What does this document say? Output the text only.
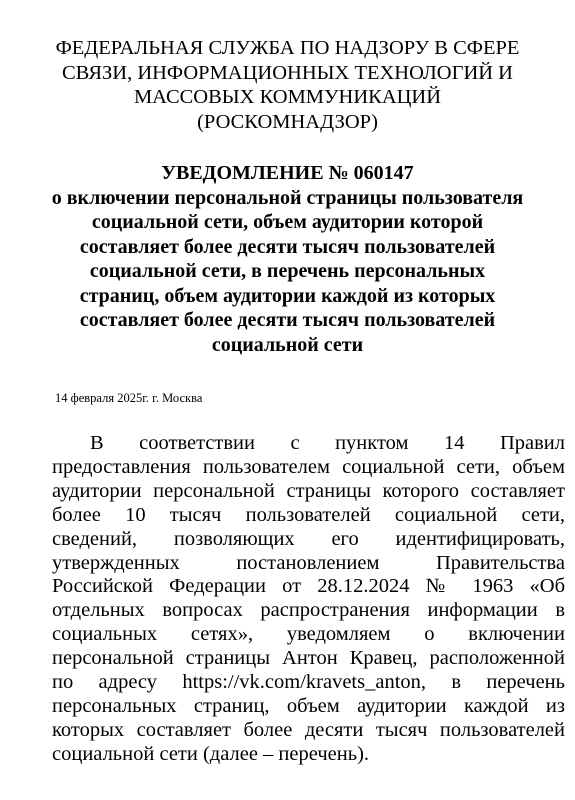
ФЕДЕРАЛЬНАЯ СЛУЖБА ПО НАДЗОРУ В СФЕРЕ
СВЯЗИ, ИНФОРМАЦИОННЫХ ТЕХНОЛОГИЙ И
МАССОВЫХ КОММУНИКАЦИЙ
(РОСКОМНАДЗОР)
УВЕДОМЛЕНИЕ № 060147
о включении персональной страницы пользователя
социальной сети, объем аудитории которой
составляет более десяти тысяч пользователей
социальной сети, в перечень персональных
страниц, объем аудитории каждой из которых
составляет более десяти тысяч пользователей
социальной сети
14 февраля 2025г. г. Москва
В соответствии с пунктом 14 Правил
предоставления пользователем социальной сети, объем
аудитории персональной страницы которого составляет
более 10 тысяч пользователей социальной сети,
сведений, позволяющих его идентифицировать,
утвержденных постановлением Правительства
Российской Федерации от 28.12.2024 № 1963 «Об
отдельных вопросах распространения информации в
социальных сетях», уведомляем о включении
персональной страницы Антон Кравец, расположенной
по адресу https://vk.com/kravets_anton, в перечень
персональных страниц, объем аудитории каждой из
которых составляет более десяти тысяч пользователей
социальной сети (далее – перечень).
